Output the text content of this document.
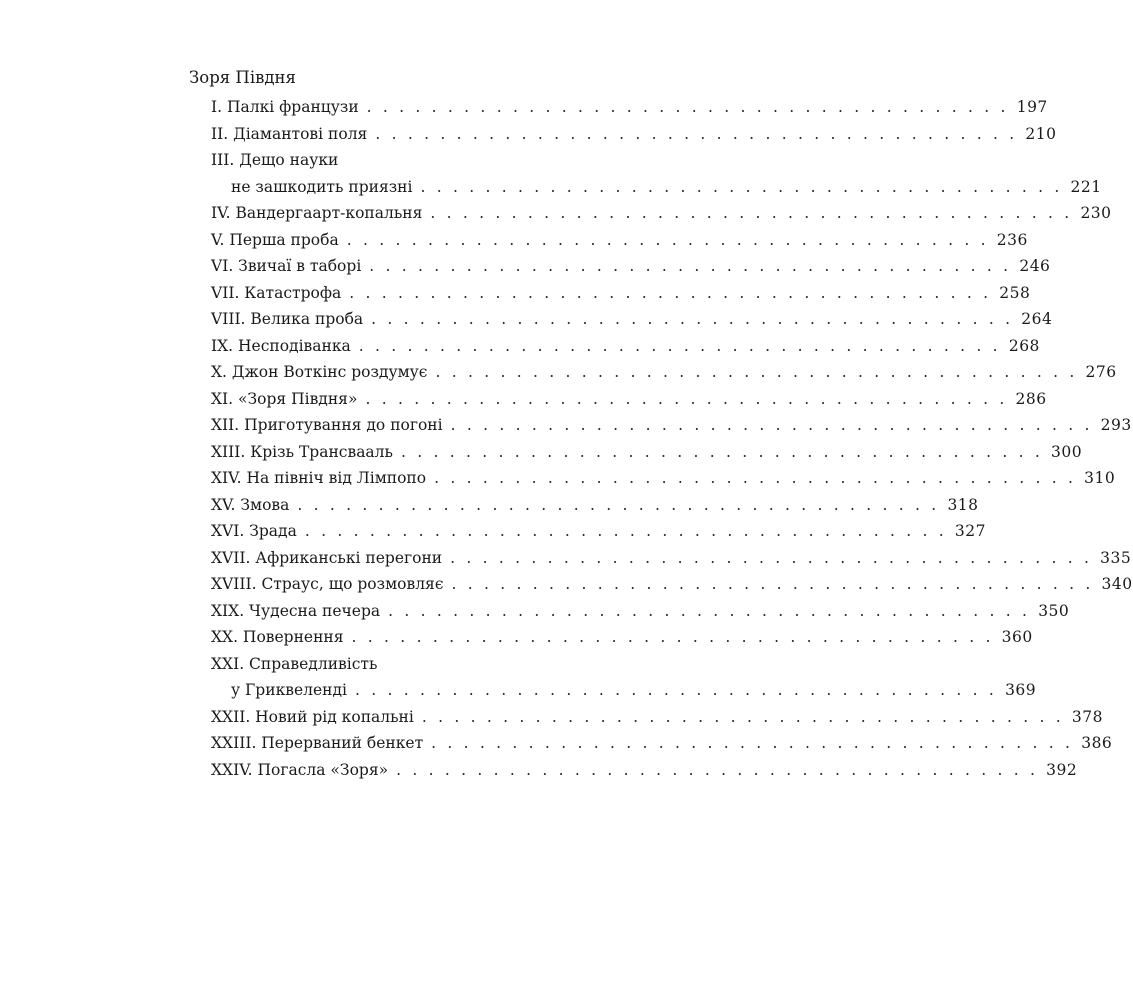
Зоря Півдня
I. Палкі французи . . . . . . . . . . . . . . . . . . . . . . . . . . . . . . . . . . . . . . . . 197
II. Діамантові поля . . . . . . . . . . . . . . . . . . . . . . . . . . . . . . . . . . . . . . . . 210
III. Дещо науки
не зашкодить приязні . . . . . . . . . . . . . . . . . . . . . . . . . . . . . . . . . . . . . . . . 221
IV. Вандергаарт-копальня . . . . . . . . . . . . . . . . . . . . . . . . . . . . . . . . . . . . . . . . 230
V. Перша проба . . . . . . . . . . . . . . . . . . . . . . . . . . . . . . . . . . . . . . . . 236
VI. Звичаї в таборі . . . . . . . . . . . . . . . . . . . . . . . . . . . . . . . . . . . . . . . . 246
VII. Катастрофа . . . . . . . . . . . . . . . . . . . . . . . . . . . . . . . . . . . . . . . . 258
VIII. Велика проба . . . . . . . . . . . . . . . . . . . . . . . . . . . . . . . . . . . . . . . . 264
IX. Несподіванка . . . . . . . . . . . . . . . . . . . . . . . . . . . . . . . . . . . . . . . . 268
X. Джон Воткінс роздумує . . . . . . . . . . . . . . . . . . . . . . . . . . . . . . . . . . . . . . . . 276
XI. «Зоря Півдня» . . . . . . . . . . . . . . . . . . . . . . . . . . . . . . . . . . . . . . . . 286
XII. Приготування до погоні . . . . . . . . . . . . . . . . . . . . . . . . . . . . . . . . . . . . . . . . 293
XIII. Крізь Трансвааль . . . . . . . . . . . . . . . . . . . . . . . . . . . . . . . . . . . . . . . . 300
XIV. На північ від Лімпопо . . . . . . . . . . . . . . . . . . . . . . . . . . . . . . . . . . . . . . . . 310
XV. Змова . . . . . . . . . . . . . . . . . . . . . . . . . . . . . . . . . . . . . . . . 318
XVI. Зрада . . . . . . . . . . . . . . . . . . . . . . . . . . . . . . . . . . . . . . . . 327
XVII. Африканські перегони . . . . . . . . . . . . . . . . . . . . . . . . . . . . . . . . . . . . . . . . 335
XVIII. Страус, що розмовляє . . . . . . . . . . . . . . . . . . . . . . . . . . . . . . . . . . . . . . . . 340
XIX. Чудесна печера . . . . . . . . . . . . . . . . . . . . . . . . . . . . . . . . . . . . . . . . 350
XX. Повернення . . . . . . . . . . . . . . . . . . . . . . . . . . . . . . . . . . . . . . . . 360
XXI. Справедливість
у Гриквеленді . . . . . . . . . . . . . . . . . . . . . . . . . . . . . . . . . . . . . . . . 369
XXII. Новий рід копальні . . . . . . . . . . . . . . . . . . . . . . . . . . . . . . . . . . . . . . . . 378
XXIII. Перерваний бенкет . . . . . . . . . . . . . . . . . . . . . . . . . . . . . . . . . . . . . . . . 386
XXIV. Погасла «Зоря» . . . . . . . . . . . . . . . . . . . . . . . . . . . . . . . . . . . . . . . . 392
